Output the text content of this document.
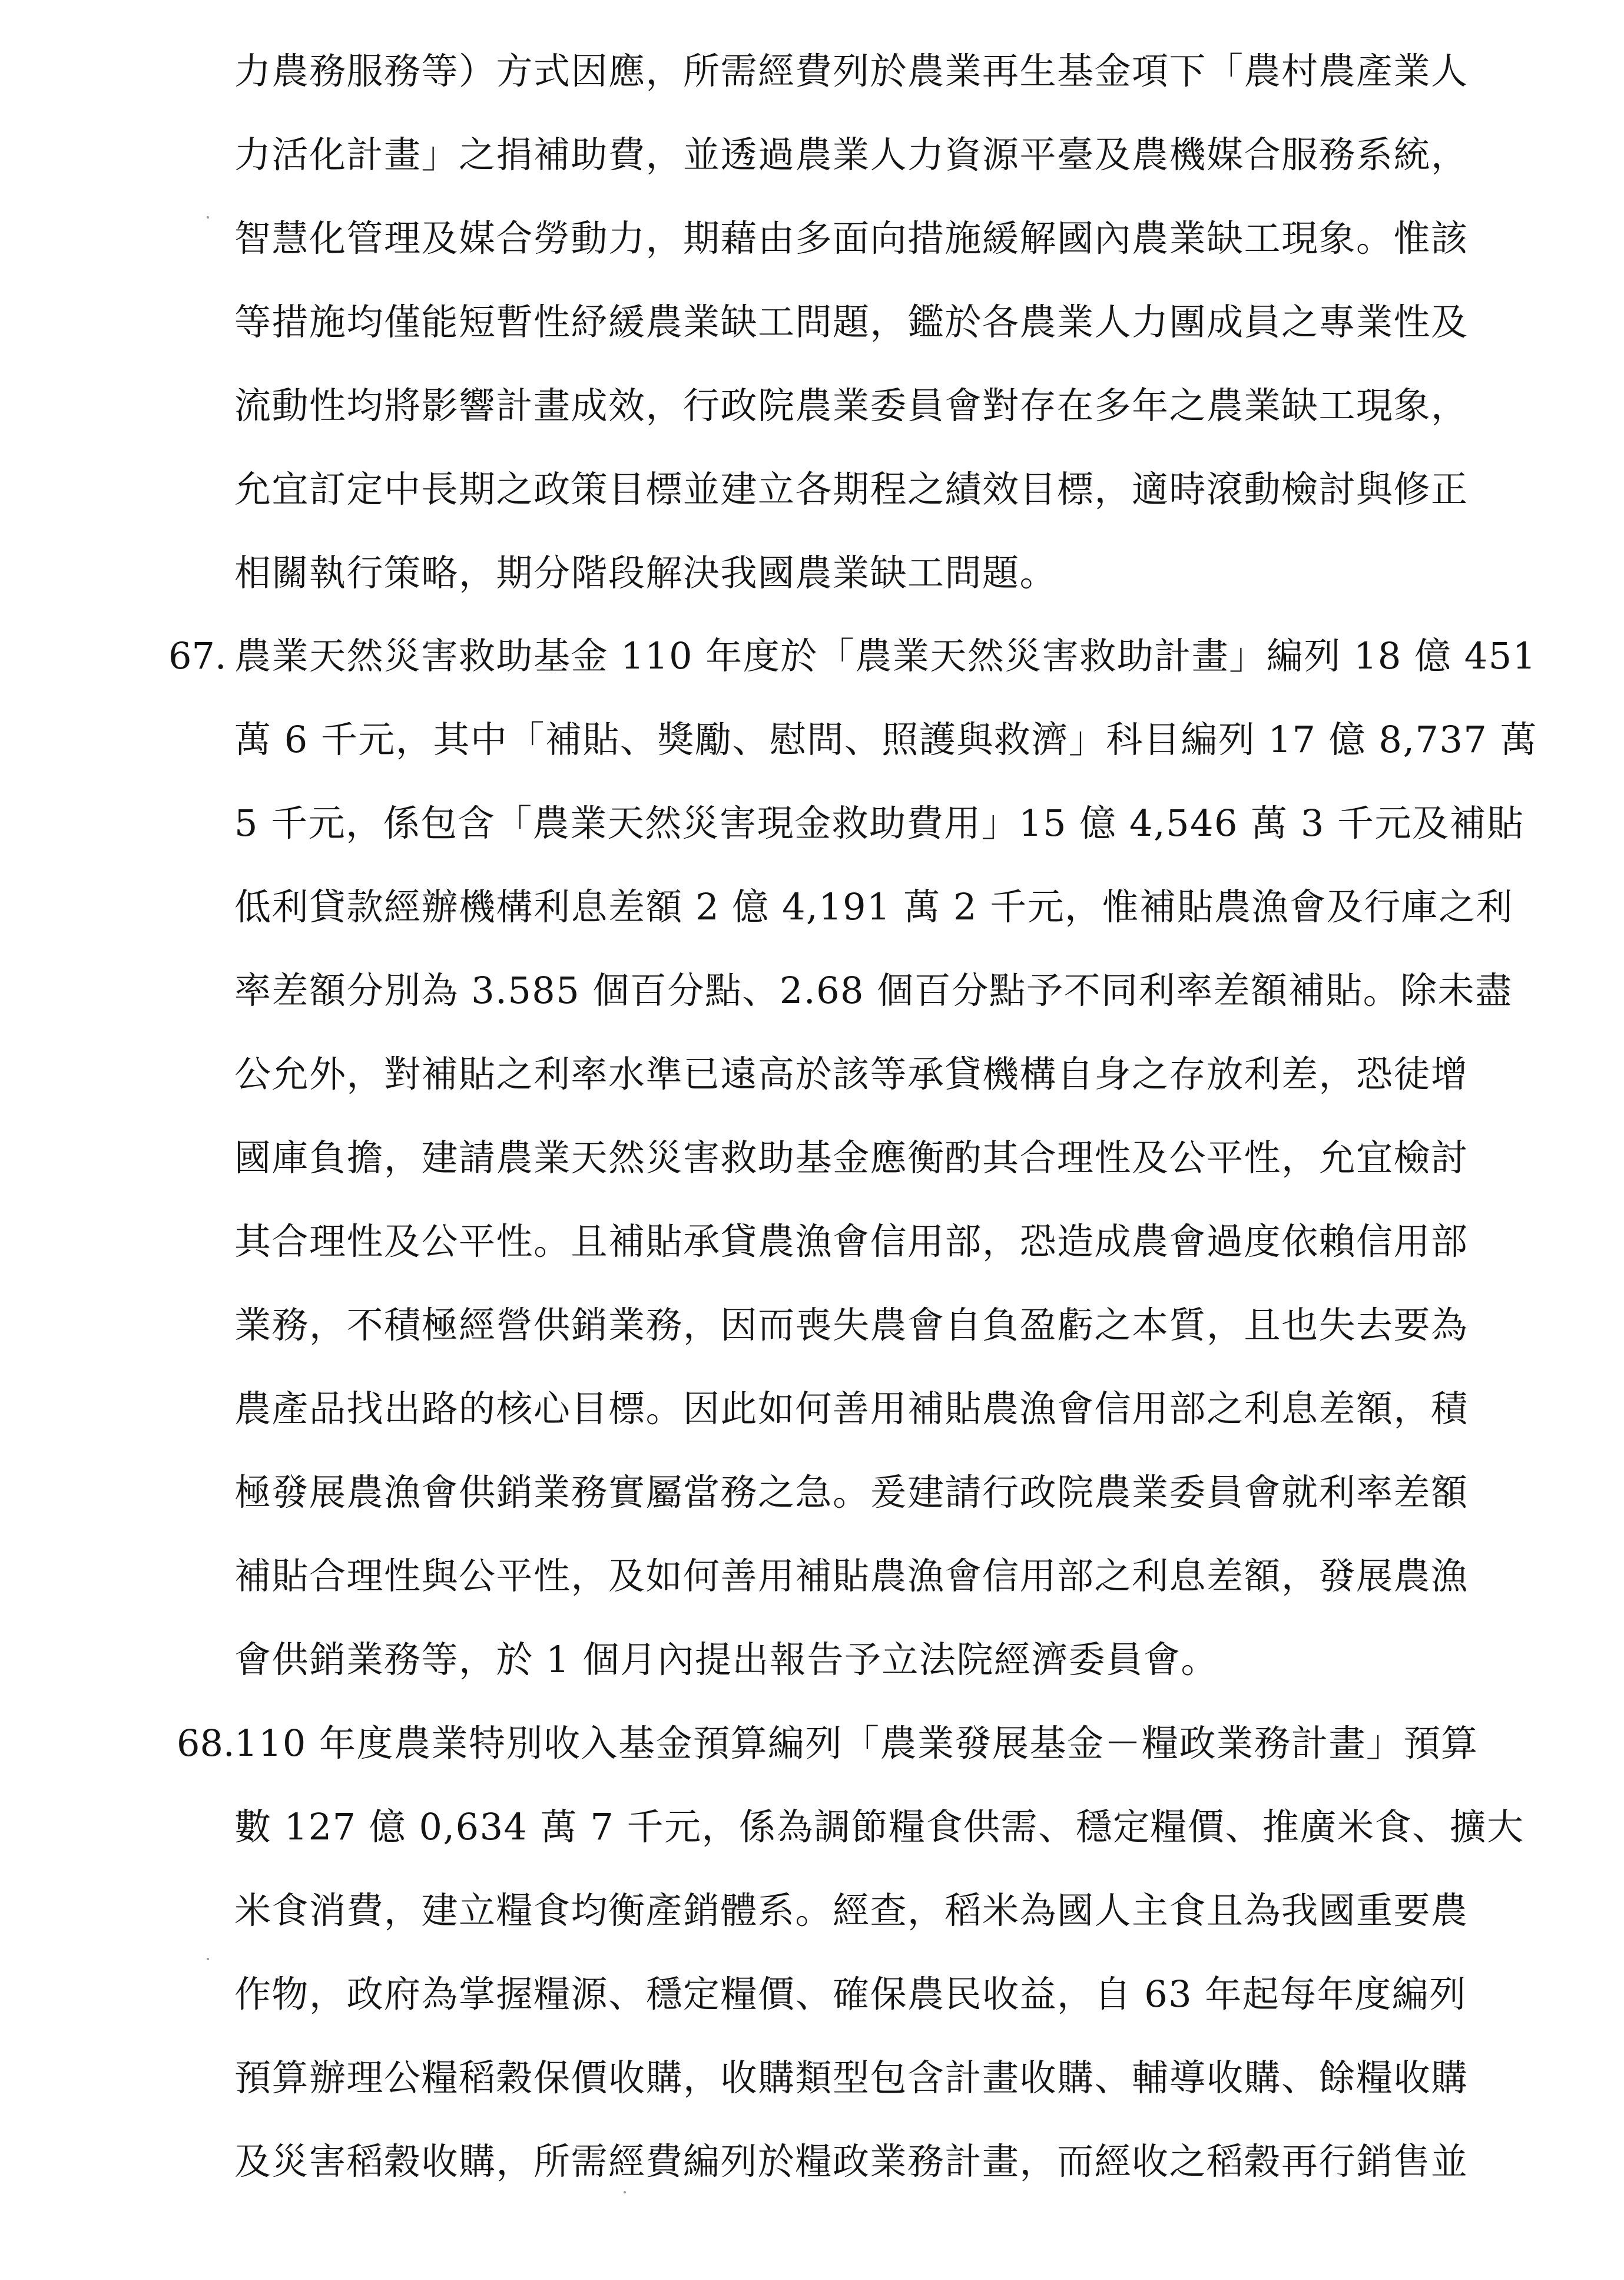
力農務服務等）方式因應，所需經費列於農業再生基金項下「農村農產業人

力活化計畫」之捐補助費，並透過農業人力資源平臺及農機媒合服務系統，

智慧化管理及媒合勞動力，期藉由多面向措施緩解國內農業缺工現象。惟該

等措施均僅能短暫性紓緩農業缺工問題，鑑於各農業人力團成員之專業性及

流動性均將影響計畫成效，行政院農業委員會對存在多年之農業缺工現象，

允宜訂定中長期之政策目標並建立各期程之績效目標，適時滾動檢討與修正

相關執行策略，期分階段解決我國農業缺工問題。

67. 農業天然災害救助基金 110 年度於「農業天然災害救助計畫」編列 18 億 451

萬 6 千元，其中「補貼、獎勵、慰問、照護與救濟」科目編列 17 億 8,737 萬

5 千元，係包含「農業天然災害現金救助費用」15 億 4,546 萬 3 千元及補貼

低利貸款經辦機構利息差額 2 億 4,191 萬 2 千元，惟補貼農漁會及行庫之利

率差額分別為 3.585 個百分點、2.68 個百分點予不同利率差額補貼。除未盡

公允外，對補貼之利率水準已遠高於該等承貸機構自身之存放利差，恐徒增

國庫負擔，建請農業天然災害救助基金應衡酌其合理性及公平性，允宜檢討

其合理性及公平性。且補貼承貸農漁會信用部，恐造成農會過度依賴信用部

業務，不積極經營供銷業務，因而喪失農會自負盈虧之本質，且也失去要為

農產品找出路的核心目標。因此如何善用補貼農漁會信用部之利息差額，積

極發展農漁會供銷業務實屬當務之急。爰建請行政院農業委員會就利率差額

補貼合理性與公平性，及如何善用補貼農漁會信用部之利息差額，發展農漁

會供銷業務等，於 1 個月內提出報告予立法院經濟委員會。

68. 110 年度農業特別收入基金預算編列「農業發展基金－糧政業務計畫」預算

數 127 億 0,634 萬 7 千元，係為調節糧食供需、穩定糧價、推廣米食、擴大

米食消費，建立糧食均衡產銷體系。經查，稻米為國人主食且為我國重要農

作物，政府為掌握糧源、穩定糧價、確保農民收益，自 63 年起每年度編列

預算辦理公糧稻穀保價收購，收購類型包含計畫收購、輔導收購、餘糧收購

及災害稻穀收購，所需經費編列於糧政業務計畫，而經收之稻穀再行銷售並
